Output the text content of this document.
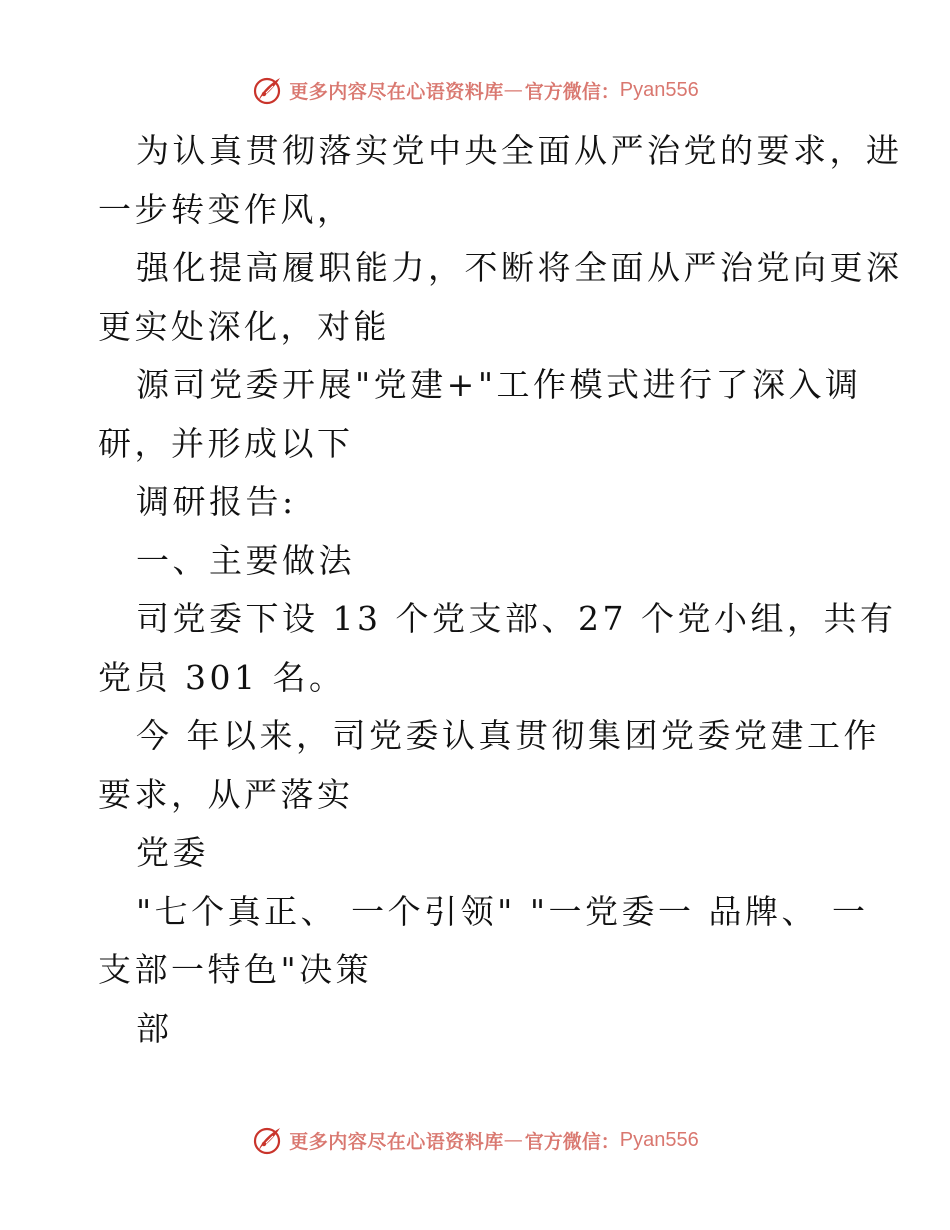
更多内容尽在心语资料库 — 官方微信： Pyan556
为认真贯彻落实党中央全面从严治党的要求，进
一步转变作风，
强化提高履职能力，不断将全面从严治党向更深
更实处深化，对能
源司党委开展"党建+"工作模式进行了深入调
研，并形成以下
调研报告:
一、主要做法
司党委下设 13 个党支部、27 个党小组，共有
党员 301 名。
今 年以来，司党委认真贯彻集团党委党建工作
要求，从严落实
党委
"七个真正、 一个引领" "一党委一 品牌、 一
支部一特色"决策
部
更多内容尽在心语资料库 — 官方微信： Pyan556
